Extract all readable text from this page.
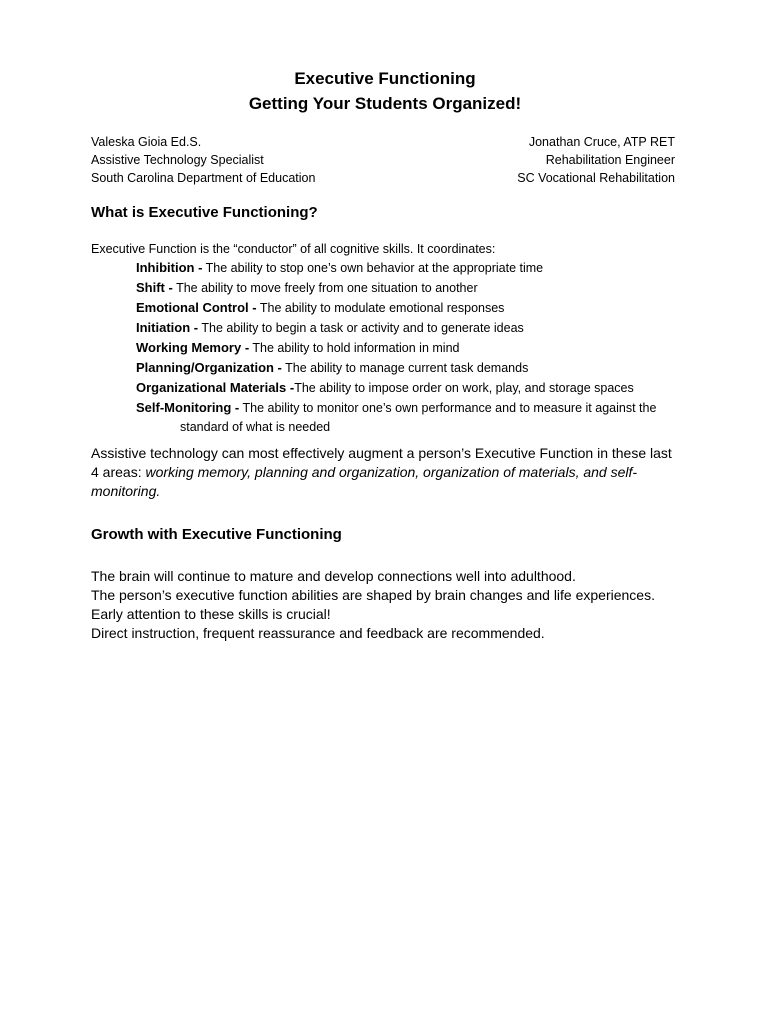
Executive Functioning
Getting Your Students Organized!
Valeska Gioia Ed.S.
Assistive Technology Specialist
South Carolina Department of Education
Jonathan Cruce, ATP RET
Rehabilitation Engineer
SC Vocational Rehabilitation
What is Executive Functioning?
Executive Function is the “conductor” of all cognitive skills. It coordinates:
Inhibition - The ability to stop one’s own behavior at the appropriate time
Shift - The ability to move freely from one situation to another
Emotional Control - The ability to modulate emotional responses
Initiation - The ability to begin a task or activity and to generate ideas
Working Memory - The ability to hold information in mind
Planning/Organization - The ability to manage current task demands
Organizational Materials -The ability to impose order on work, play, and storage spaces
Self-Monitoring - The ability to monitor one’s own performance and to measure it against the
standard of what is needed
Assistive technology can most effectively augment a person’s Executive Function in these last 4 areas: working memory, planning and organization, organization of materials, and self-monitoring.
Growth with Executive Functioning
The brain will continue to mature and develop connections well into adulthood.
The person’s executive function abilities are shaped by brain changes and life experiences.
Early attention to these skills is crucial!
Direct instruction, frequent reassurance and feedback are recommended.
